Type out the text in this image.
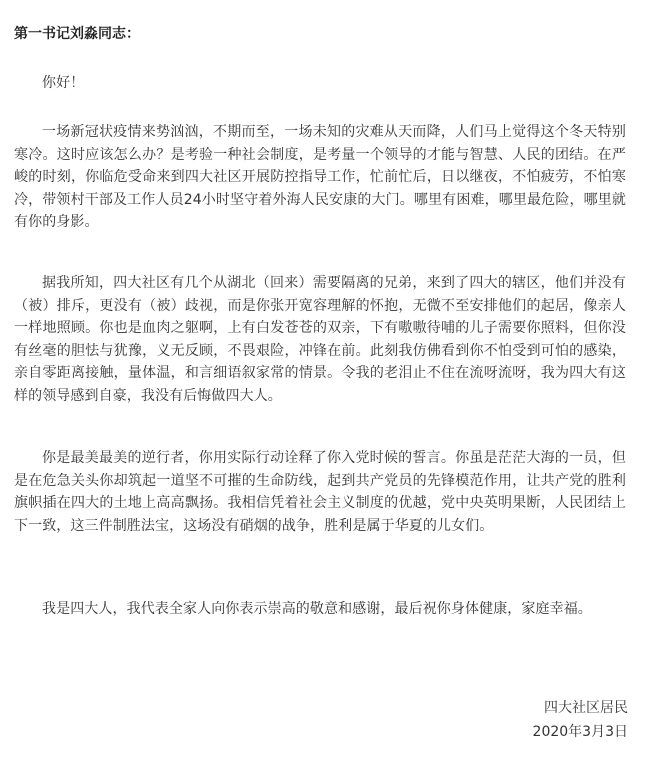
第一书记刘淼同志：

你好！

一场新冠状疫情来势汹汹，不期而至，一场未知的灾难从天而降，人们马上觉得这个冬天特别寒冷。这时应该怎么办？是考验一种社会制度，是考量一个领导的才能与智慧、人民的团结。在严峻的时刻，你临危受命来到四大社区开展防控指导工作，忙前忙后，日以继夜，不怕疲劳，不怕寒冷，带领村干部及工作人员24小时坚守着外海人民安康的大门。哪里有困难，哪里最危险，哪里就有你的身影。

据我所知，四大社区有几个从湖北（回来）需要隔离的兄弟，来到了四大的辖区，他们并没有（被）排斥，更没有（被）歧视，而是你张开宽容理解的怀抱，无微不至安排他们的起居，像亲人一样地照顾。你也是血肉之躯啊，上有白发苍苍的双亲，下有嗷嗷待哺的儿子需要你照料，但你没有丝毫的胆怯与犹豫，义无反顾，不畏艰险，冲锋在前。此刻我仿佛看到你不怕受到可怕的感染，亲自零距离接触，量体温，和言细语叙家常的情景。令我的老泪止不住在流呀流呀，我为四大有这样的领导感到自豪，我没有后悔做四大人。

你是最美最美的逆行者，你用实际行动诠释了你入党时候的誓言。你虽是茫茫大海的一员，但是在危急关头你却筑起一道坚不可摧的生命防线，起到共产党员的先锋模范作用，让共产党的胜利旗帜插在四大的土地上高高飘扬。我相信凭着社会主义制度的优越，党中央英明果断，人民团结上下一致，这三件制胜法宝，这场没有硝烟的战争，胜利是属于华夏的儿女们。

我是四大人，我代表全家人向你表示崇高的敬意和感谢，最后祝你身体健康，家庭幸福。

四大社区居民

2020年3月3日
